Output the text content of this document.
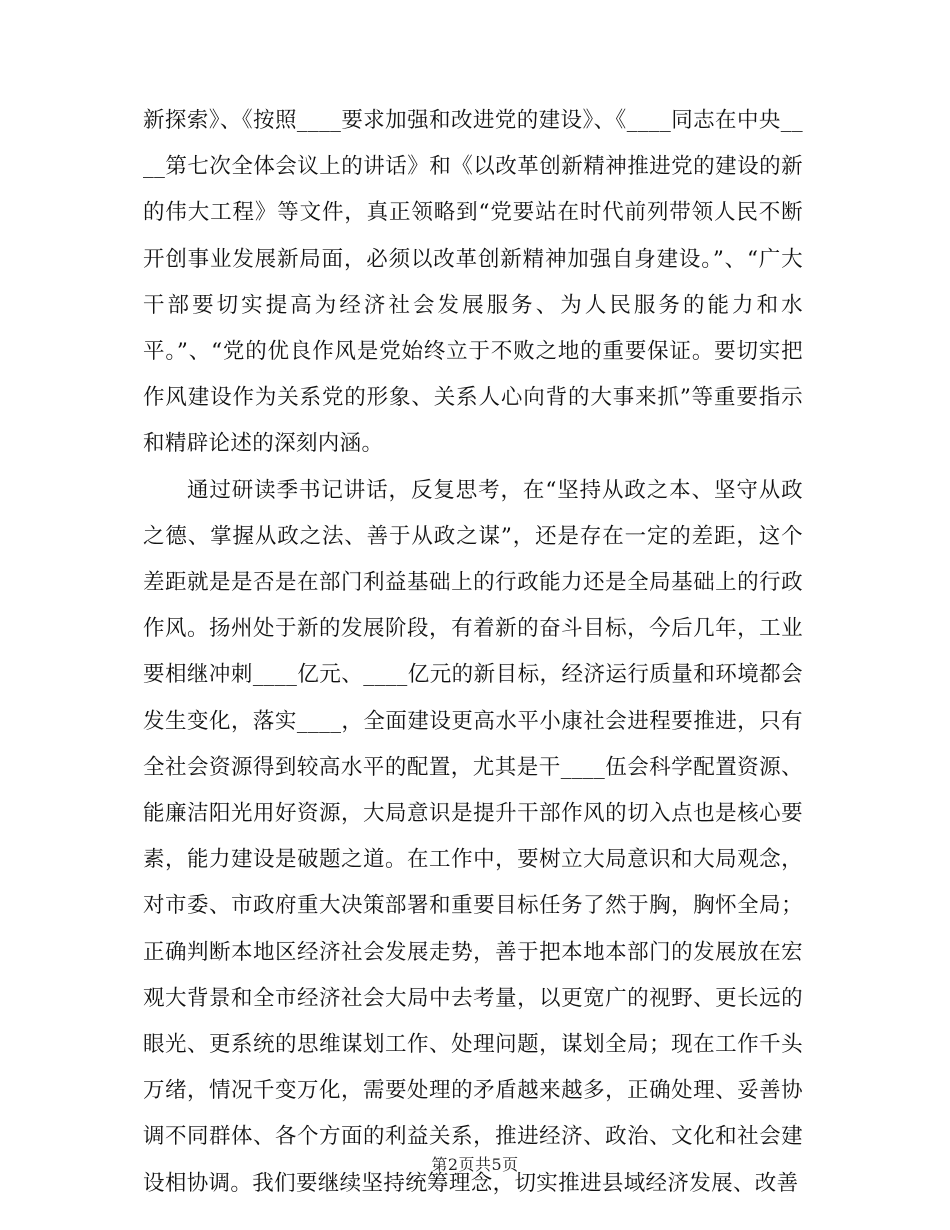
新探索》、《按照____要求加强和改进党的建设》、《____同志在中央____第七次全体会议上的讲话》和《以改革创新精神推进党的建设的新的伟大工程》等文件，真正领略到“党要站在时代前列带领人民不断开创事业发展新局面，必须以改革创新精神加强自身建设。”、“广大干部要切实提高为经济社会发展服务、为人民服务的能力和水平。”、“党的优良作风是党始终立于不败之地的重要保证。要切实把作风建设作为关系党的形象、关系人心向背的大事来抓”等重要指示和精辟论述的深刻内涵。

通过研读季书记讲话，反复思考，在“坚持从政之本、坚守从政之德、掌握从政之法、善于从政之谋”，还是存在一定的差距，这个差距就是是否是在部门利益基础上的行政能力还是全局基础上的行政作风。扬州处于新的发展阶段，有着新的奋斗目标，今后几年，工业要相继冲刺____亿元、____亿元的新目标，经济运行质量和环境都会发生变化，落实____，全面建设更高水平小康社会进程要推进，只有全社会资源得到较高水平的配置，尤其是干____伍会科学配置资源、能廉洁阳光用好资源，大局意识是提升干部作风的切入点也是核心要素，能力建设是破题之道。在工作中，要树立大局意识和大局观念，对市委、市政府重大决策部署和重要目标任务了然于胸，胸怀全局；正确判断本地区经济社会发展走势，善于把本地本部门的发展放在宏观大背景和全市经济社会大局中去考量，以更宽广的视野、更长远的眼光、更系统的思维谋划工作、处理问题，谋划全局；现在工作千头万绪，情况千变万化，需要处理的矛盾越来越多，正确处理、妥善协调不同群体、各个方面的利益关系，推进经济、政治、文化和社会建设相协调。我们要继续坚持统筹理念，切实推进县域经济发展、改善

第2页共5页
